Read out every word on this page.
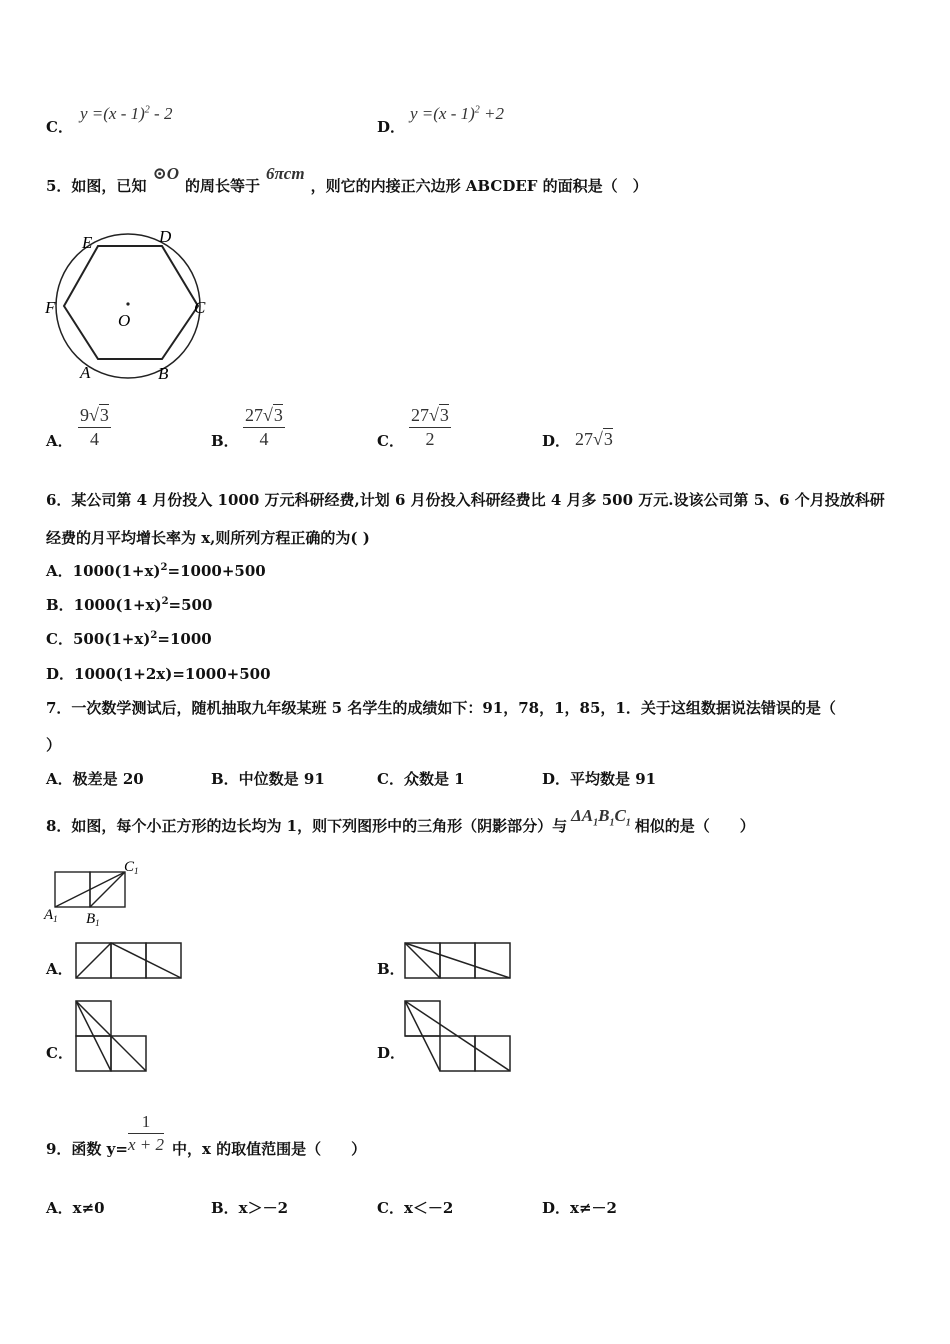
C．
y =(x - 1)$^2$ - 2
D．
y =(x - 1)$^2$ +2
5．如图，已知⊙O的周长等于6πcm，则它的内接正六边形 ABCDEF 的面积是（　）
E	D
F	C
O
A	B
A．
9√3
4	B．
27√3
4	C．
27√3
2	D． 27√3
6．某公司第 4 月份投入 1000 万元科研经费,计划 6 月份投入科研经费比 4 月多 500 万元.设该公司第 5、6 个月投放科研
经费的月平均增长率为 x,则所列方程正确的为( )
A．$1000(1+x)^2=1000+500$
B．$1000(1+x)^2=500$
C．$500(1+x)^2=1000$
D．1000(1+2x)=1000+500
7．一次数学测试后，随机抽取九年级某班 5 名学生的成绩如下：91，78，1，85，1．关于这组数据说法错误的是（
）
A．极差是 20	B．中位数是 91	C．众数是 1	D．平均数是 91
8．如图，每个小正方形的边长均为 1，则下列图形中的三角形（阴影部分）与$\Delta A_1B_1C_1$ 相似的是（　　）
$C_1$
$A_1$ $B_1$
A．	B．
C．	D．
9．函数 y=
1
x + 2 中，x 的取值范围是（　　）
A．x≠0	B．x＞－2	C．x＜－2	D．x≠－2
